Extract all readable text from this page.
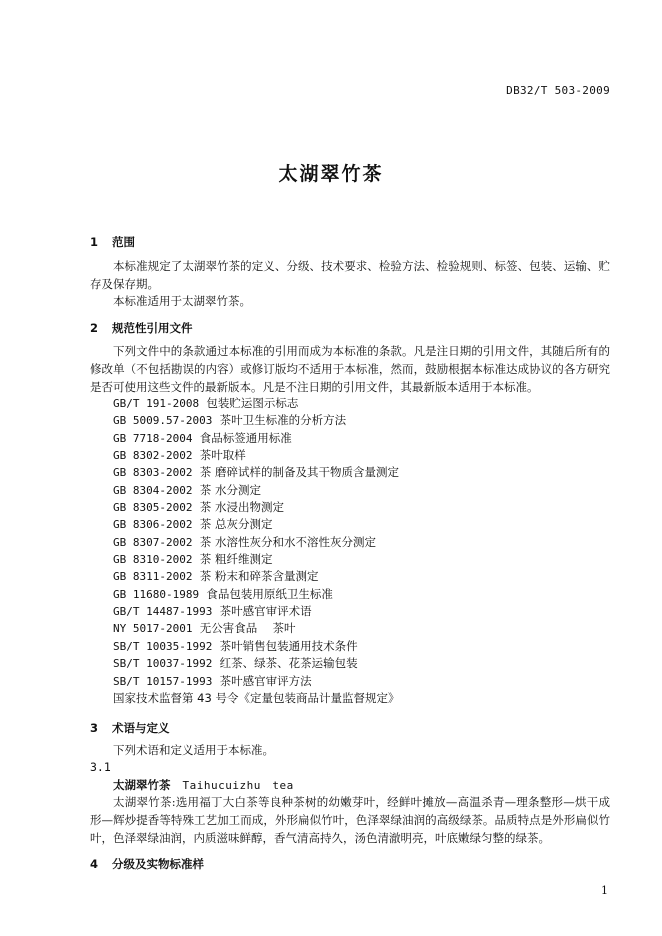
DB32/T 503-2009
太湖翠竹茶
1 范围
本标准规定了太湖翠竹茶的定义、分级、技术要求、检验方法、检验规则、标签、包装、运输、贮存及保存期。
本标准适用于太湖翠竹茶。
2 规范性引用文件
下列文件中的条款通过本标准的引用而成为本标准的条款。凡是注日期的引用文件，其随后所有的修改单（不包括勘误的内容）或修订版均不适用于本标准，然而，鼓励根据本标准达成协议的各方研究是否可使用这些文件的最新版本。凡是不注日期的引用文件，其最新版本适用于本标准。
GB/T 191-2008 包装贮运图示标志
GB 5009.57-2003 茶叶卫生标准的分析方法
GB 7718-2004 食品标签通用标准
GB 8302-2002 茶叶取样
GB 8303-2002 茶 磨碎试样的制备及其干物质含量测定
GB 8304-2002 茶 水分测定
GB 8305-2002 茶 水浸出物测定
GB 8306-2002 茶 总灰分测定
GB 8307-2002 茶 水溶性灰分和水不溶性灰分测定
GB 8310-2002 茶 粗纤维测定
GB 8311-2002 茶 粉末和碎茶含量测定
GB 11680-1989 食品包装用原纸卫生标准
GB/T 14487-1993 茶叶感官审评术语
NY 5017-2001 无公害食品　 茶叶
SB/T 10035-1992 茶叶销售包装通用技术条件
SB/T 10037-1992 红茶、绿茶、花茶运输包装
SB/T 10157-1993 茶叶感官审评方法
国家技术监督第 43 号令《定量包装商品计量监督规定》
3 术语与定义
下列术语和定义适用于本标准。
3.1
太湖翠竹茶 Taihucuizhu　tea
太湖翠竹茶:选用福丁大白茶等良种茶树的幼嫩芽叶，经鲜叶摊放—高温杀青—理条整形—烘干成形—辉炒提香等特殊工艺加工而成，外形扁似竹叶，色泽翠绿油润的高级绿茶。品质特点是外形扁似竹叶，色泽翠绿油润，内质滋味鲜醇，香气清高持久，汤色清澈明亮，叶底嫩绿匀整的绿茶。
4 分级及实物标准样
1
